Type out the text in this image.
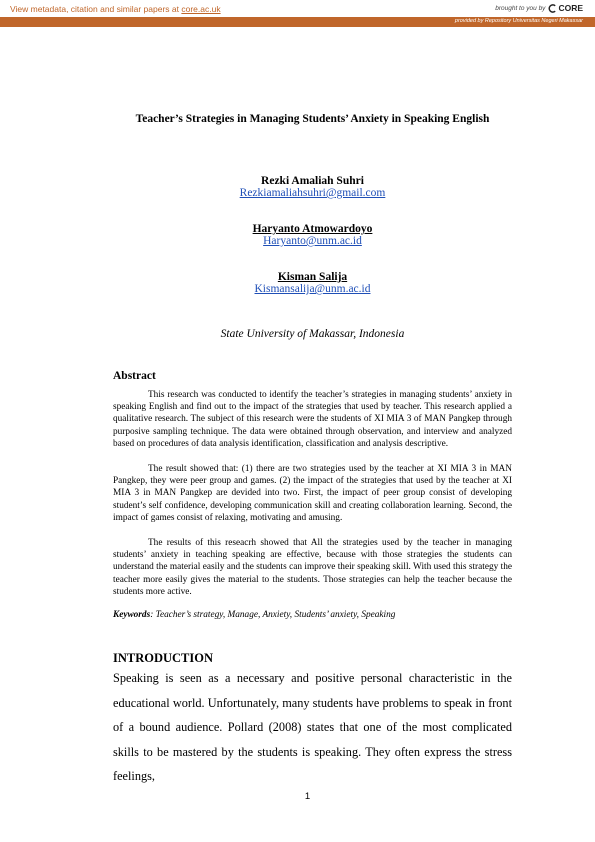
View metadata, citation and similar papers at core.ac.uk	brought to you by CORE
provided by Repository Universitas Negeri Makassar
Teacher’s Strategies in Managing Students’ Anxiety in Speaking English
Rezki Amaliah Suhri
Rezkiamaliahsuhri@gmail.com
Haryanto Atmowardoyo
Haryanto@unm.ac.id
Kisman Salija
Kismansalija@unm.ac.id
State University of Makassar, Indonesia
Abstract

This research was conducted to identify the teacher’s strategies in managing students’ anxiety in speaking English and find out to the impact of the strategies that used by teacher. This research applied a qualitative research. The subject of this research were the students of XI MIA 3 of MAN Pangkep through purposive sampling technique. The data were obtained through observation, and interview and analyzed based on procedures of data analysis identification, classification and analysis descriptive.

The result showed that: (1) there are two strategies used by the teacher at XI MIA 3 in MAN Pangkep, they were peer group and games. (2) the impact of the strategies that used by the teacher at XI MIA 3 in MAN Pangkep are devided into two. First, the impact of peer group consist of developing student’s self confidence, developing communication skill and creating collaboration learning. Second, the impact of games consist of relaxing, motivating and amusing.

The results of this reseacrh showed that All the strategies used by the teacher in managing students’ anxiety in teaching speaking are effective, because with those strategies the students can understand the material easily and the students can improve their speaking skill. With used this strategy the teacher more easily gives the material to the students. Those strategies can help the teacher because the students more active.

Keywords: Teacher’s strategy, Manage, Anxiety, Students’ anxiety, Speaking
INTRODUCTION

Speaking is seen as a necessary and positive personal characteristic in the educational world. Unfortunately, many students have problems to speak in front of a bound audience. Pollard (2008) states that one of the most complicated skills to be mastered by the students is speaking. They often express the stress feelings,

1
